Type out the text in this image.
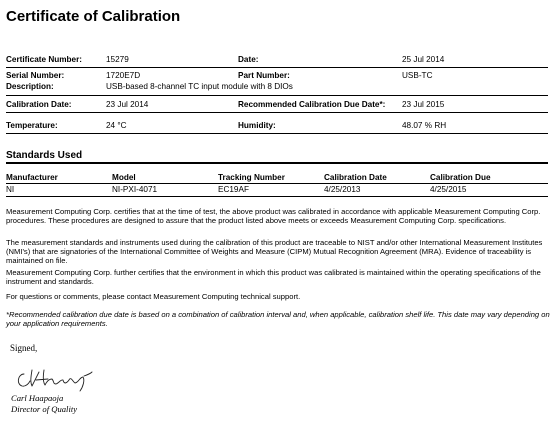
Certificate of Calibration
Certificate Number:	15279	Date:	25 Jul 2014
Serial Number:	1720E7D	Part Number:	USB-TC
Description:	USB-based 8-channel TC input module with 8 DIOs
Calibration Date:	23 Jul 2014	Recommended Calibration Due Date*: 23 Jul 2015
Temperature:	24 °C	Humidity:	48.07 % RH
Standards Used
Manufacturer	Model	Tracking Number	Calibration Date	Calibration Due
NI	NI-PXI-4071	EC19AF	4/25/2013	4/25/2015
Measurement Computing Corp. certifies that at the time of test, the above product was calibrated in accordance with applicable Measurement Computing Corp. procedures. These procedures are designed to assure that the product listed above meets or exceeds Measurement Computing Corp. specifications.
The measurement standards and instruments used during the calibration of this product are traceable to NIST and/or other International Measurement Institutes (NMI's) that are signatories of the International Committee of Weights and Measure (CIPM) Mutual Recognition Agreement (MRA). Evidence of traceability is maintained on file.
Measurement Computing Corp. further certifies that the environment in which this product was calibrated is maintained within the operating specifications of the instrument and standards.
For questions or comments, please contact Measurement Computing technical support.
*Recommended calibration due date is based on a combination of calibration interval and, when applicable, calibration shelf life. This date may vary depending on your application requirements.
Signed,
Carl Haapaoja
Director of Quality
